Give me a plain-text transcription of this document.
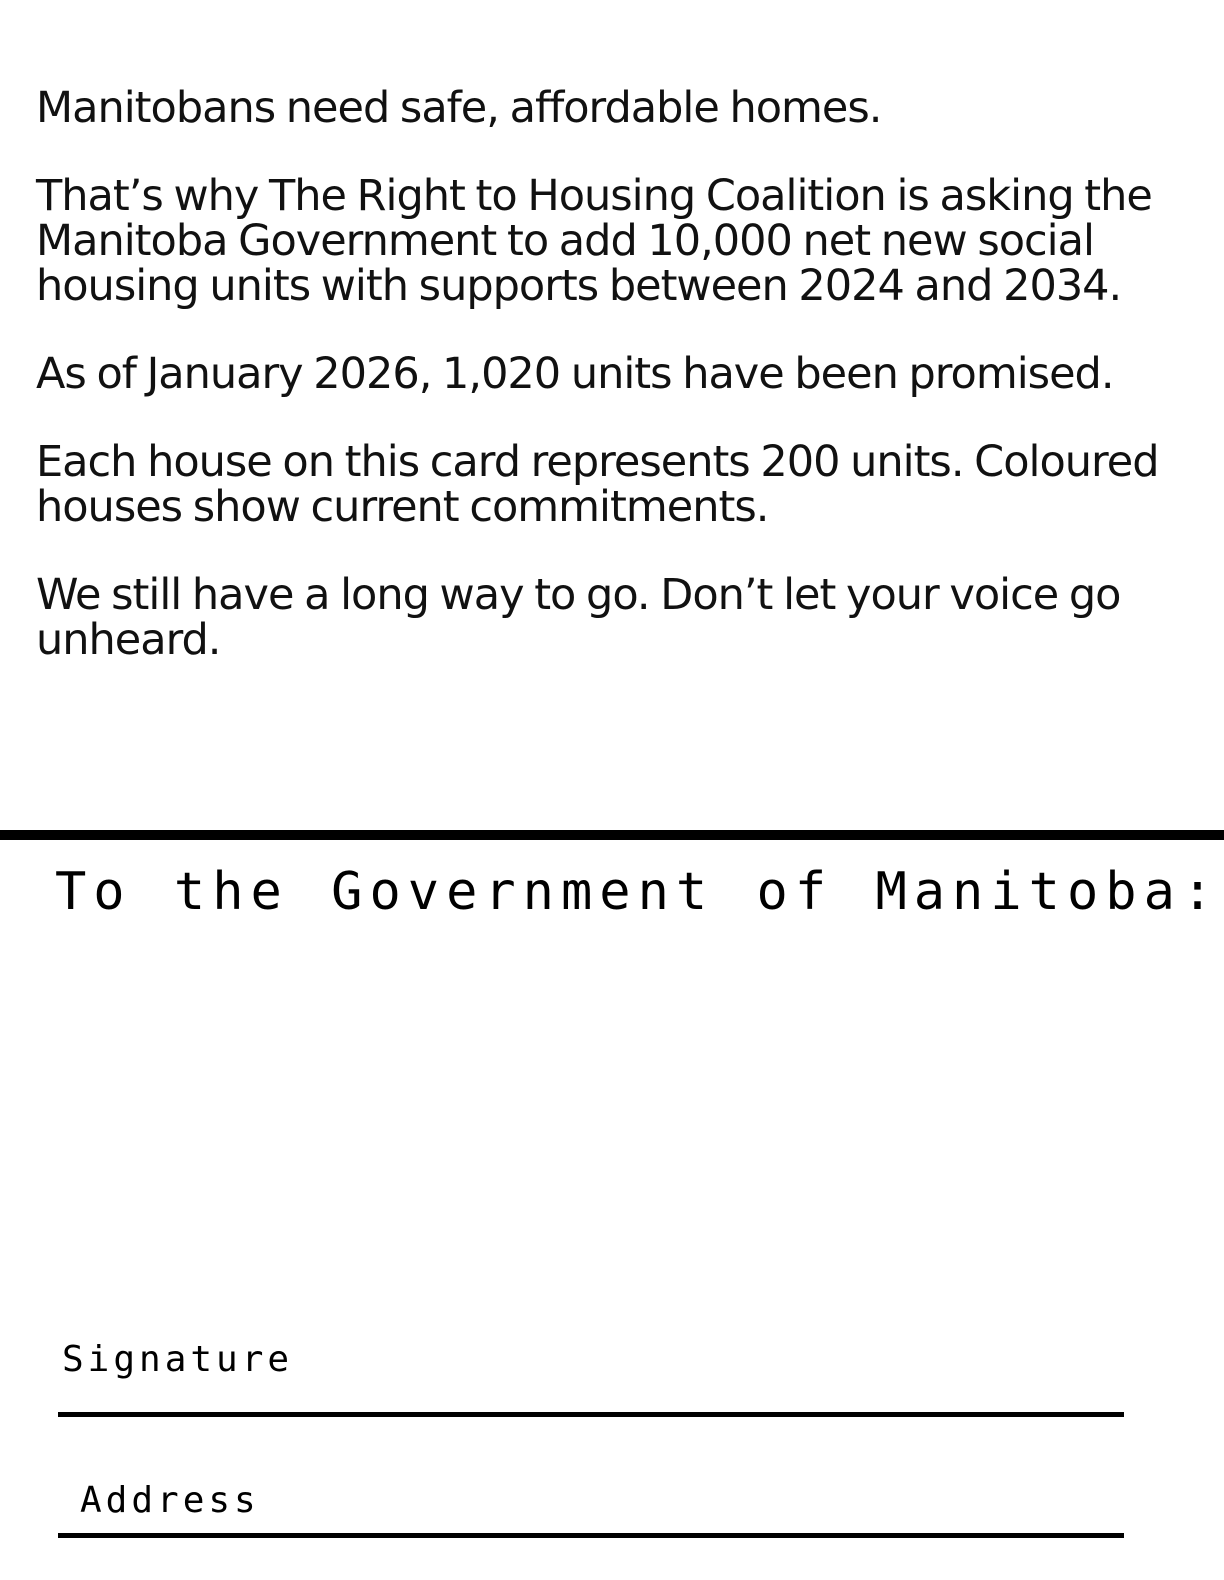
Manitobans need safe, affordable homes.

That’s why The Right to Housing Coalition is asking the Manitoba Government to add 10,000 net new social housing units with supports between 2024 and 2034.

As of January 2026, 1,020 units have been promised.

Each house on this card represents 200 units. Coloured houses show current commitments.

We still have a long way to go. Don’t let your voice go unheard.

To the Government of Manitoba:
Signature
Address
